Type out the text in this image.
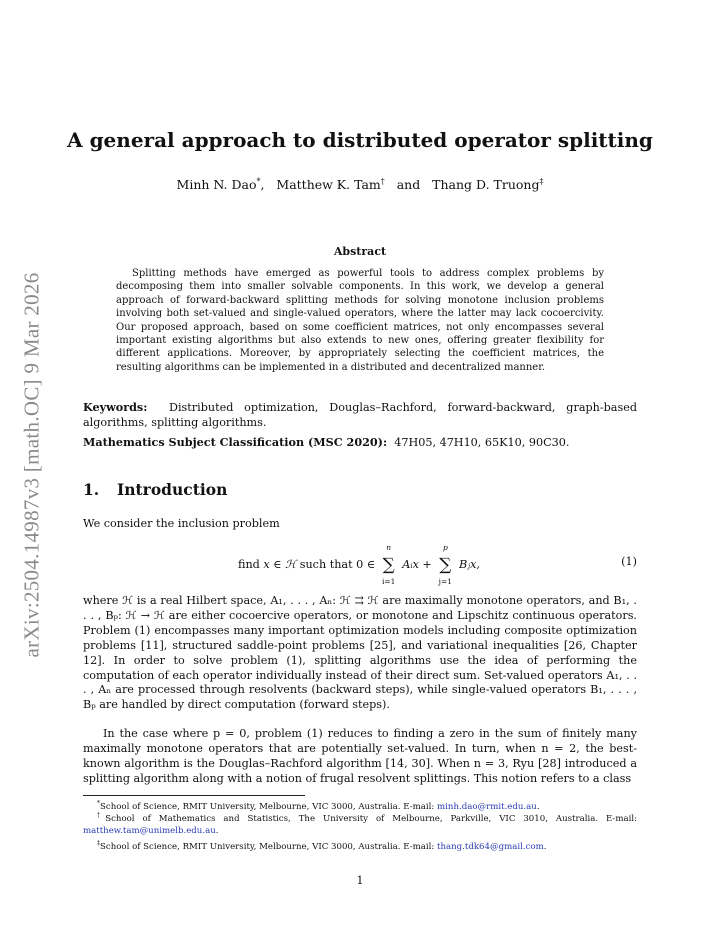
arXiv:2504.14987v3 [math.OC] 9 Mar 2026
A general approach to distributed operator splitting
Minh N. Dao*,   Matthew K. Tam† and Thang D. Truong‡
Abstract

Splitting methods have emerged as powerful tools to address complex problems by decomposing them into smaller solvable components. In this work, we develop a general approach of forward-backward splitting methods for solving monotone inclusion problems involving both set-valued and single-valued operators, where the latter may lack cocoercivity. Our proposed approach, based on some coefficient matrices, not only encompasses several important existing algorithms but also extends to new ones, offering greater flexibility for different applications. Moreover, by appropriately selecting the coefficient matrices, the resulting algorithms can be implemented in a distributed and decentralized manner.

Keywords: Distributed optimization, Douglas–Rachford, forward-backward, graph-based algorithms, splitting algorithms.

Mathematics Subject Classification (MSC 2020): 47H05, 47H10, 65K10, 90C30.

1. Introduction

We consider the inclusion problem

find x ∈ ℋ such that 0 ∈
n
∑
i=1
Aᵢx +
p
∑
j=1
Bⱼx,	(1)

where ℋ is a real Hilbert space, A₁, . . . , Aₙ: ℋ ⇉ ℋ are maximally monotone operators, and B₁, . . . , Bₚ: ℋ → ℋ are either cocoercive operators, or monotone and Lipschitz continuous operators. Problem (1) encompasses many important optimization models including composite optimization problems [11], structured saddle-point problems [25], and variational inequalities [26, Chapter 12]. In order to solve problem (1), splitting algorithms use the idea of performing the computation of each operator individually instead of their direct sum. Set-valued operators A₁, . . . , Aₙ are processed through resolvents (backward steps), while single-valued operators B₁, . . . , Bₚ are handled by direct computation (forward steps).

In the case where p = 0, problem (1) reduces to finding a zero in the sum of finitely many maximally monotone operators that are potentially set-valued. In turn, when n = 2, the best-known algorithm is the Douglas–Rachford algorithm [14, 30]. When n = 3, Ryu [28] introduced a splitting algorithm along with a notion of frugal resolvent splittings. This notion refers to a class

*School of Science, RMIT University, Melbourne, VIC 3000, Australia. E-mail: minh.dao@rmit.edu.au.

†School of Mathematics and Statistics, The University of Melbourne, Parkville, VIC 3010, Australia. E-mail: matthew.tam@unimelb.edu.au.

‡School of Science, RMIT University, Melbourne, VIC 3000, Australia. E-mail: thang.tdk64@gmail.com.

1
